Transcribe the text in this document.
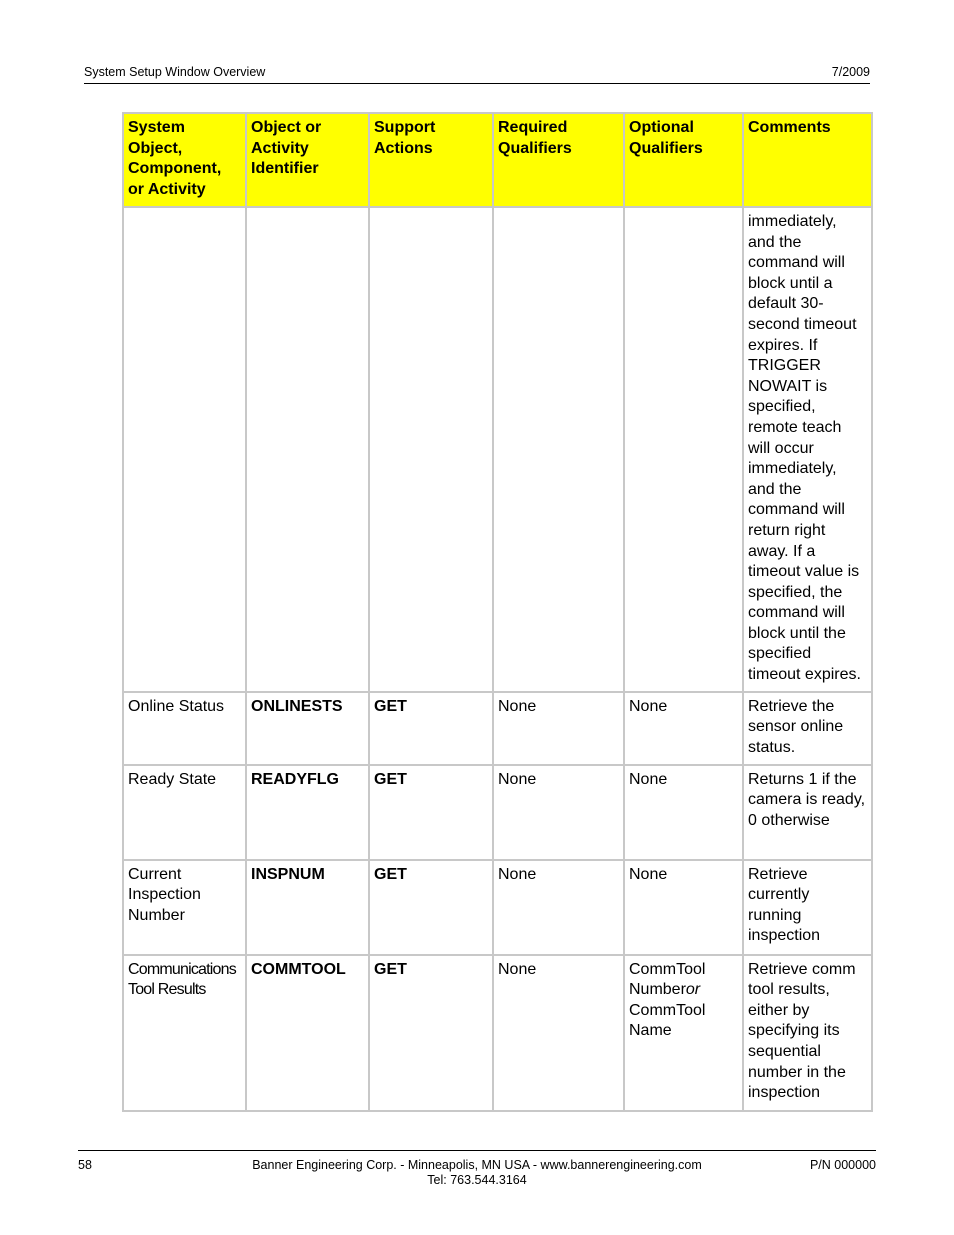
System Setup Window Overview	7/2009
System Object, Component, or Activity	Object or Activity Identifier	Support Actions	Required Qualifiers	Optional Qualifiers	Comments
					immediately, and the command will block until a default 30-second timeout expires. If TRIGGER NOWAIT is specified, remote teach will occur immediately, and the command will return right away. If a timeout value is specified, the command will block until the specified timeout expires.
Online Status	ONLINESTS	GET	None	None	Retrieve the sensor online status.
Ready State	READYFLG	GET	None	None	Returns 1 if the camera is ready, 0 otherwise
Current Inspection Number	INSPNUM	GET	None	None	Retrieve currently running inspection
Communications Tool Results	COMMTOOL	GET	None	CommTool Numberor CommTool Name	Retrieve comm tool results, either by specifying its sequential number in the inspection
58	Banner Engineering Corp. - Minneapolis, MN USA - www.bannerengineering.com
Tel: 763.544.3164
P/N 000000
